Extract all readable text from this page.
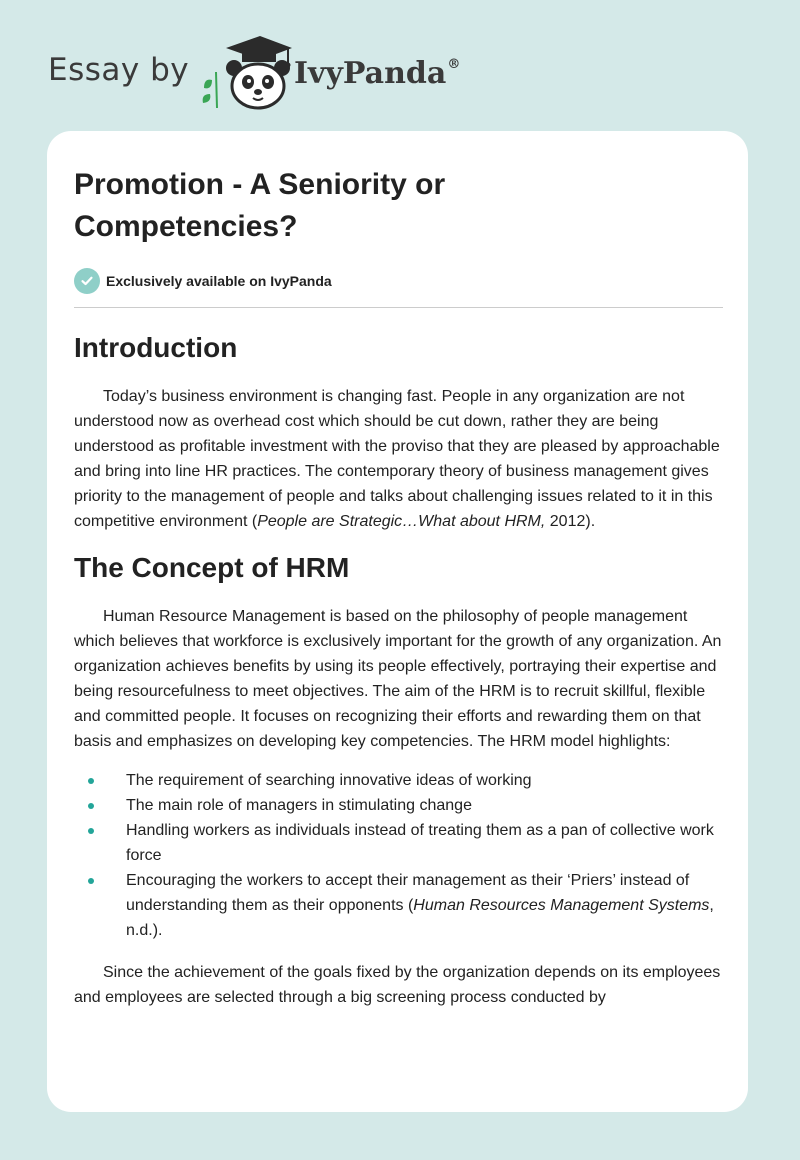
Essay by	IvyPanda®
Promotion - A Seniority or Competencies?
Exclusively available on IvyPanda
Introduction

Today’s business environment is changing fast. People in any organization are not understood now as overhead cost which should be cut down, rather they are being understood as profitable investment with the proviso that they are pleased by approachable and bring into line HR practices. The contemporary theory of business management gives priority to the management of people and talks about challenging issues related to it in this competitive environment (People are Strategic…What about HRM, 2012).

The Concept of HRM

Human Resource Management is based on the philosophy of people management which believes that workforce is exclusively important for the growth of any organization. An organization achieves benefits by using its people effectively, portraying their expertise and being resourcefulness to meet objectives. The aim of the HRM is to recruit skillful, flexible and committed people. It focuses on recognizing their efforts and rewarding them on that basis and emphasizes on developing key competencies. The HRM model highlights:

The requirement of searching innovative ideas of working
The main role of managers in stimulating change
Handling workers as individuals instead of treating them as a pan of collective work force
Encouraging the workers to accept their management as their ‘Priers’ instead of understanding them as their opponents (Human Resources Management Systems, n.d.).

Since the achievement of the goals fixed by the organization depends on its employees and employees are selected through a big screening process conducted by
